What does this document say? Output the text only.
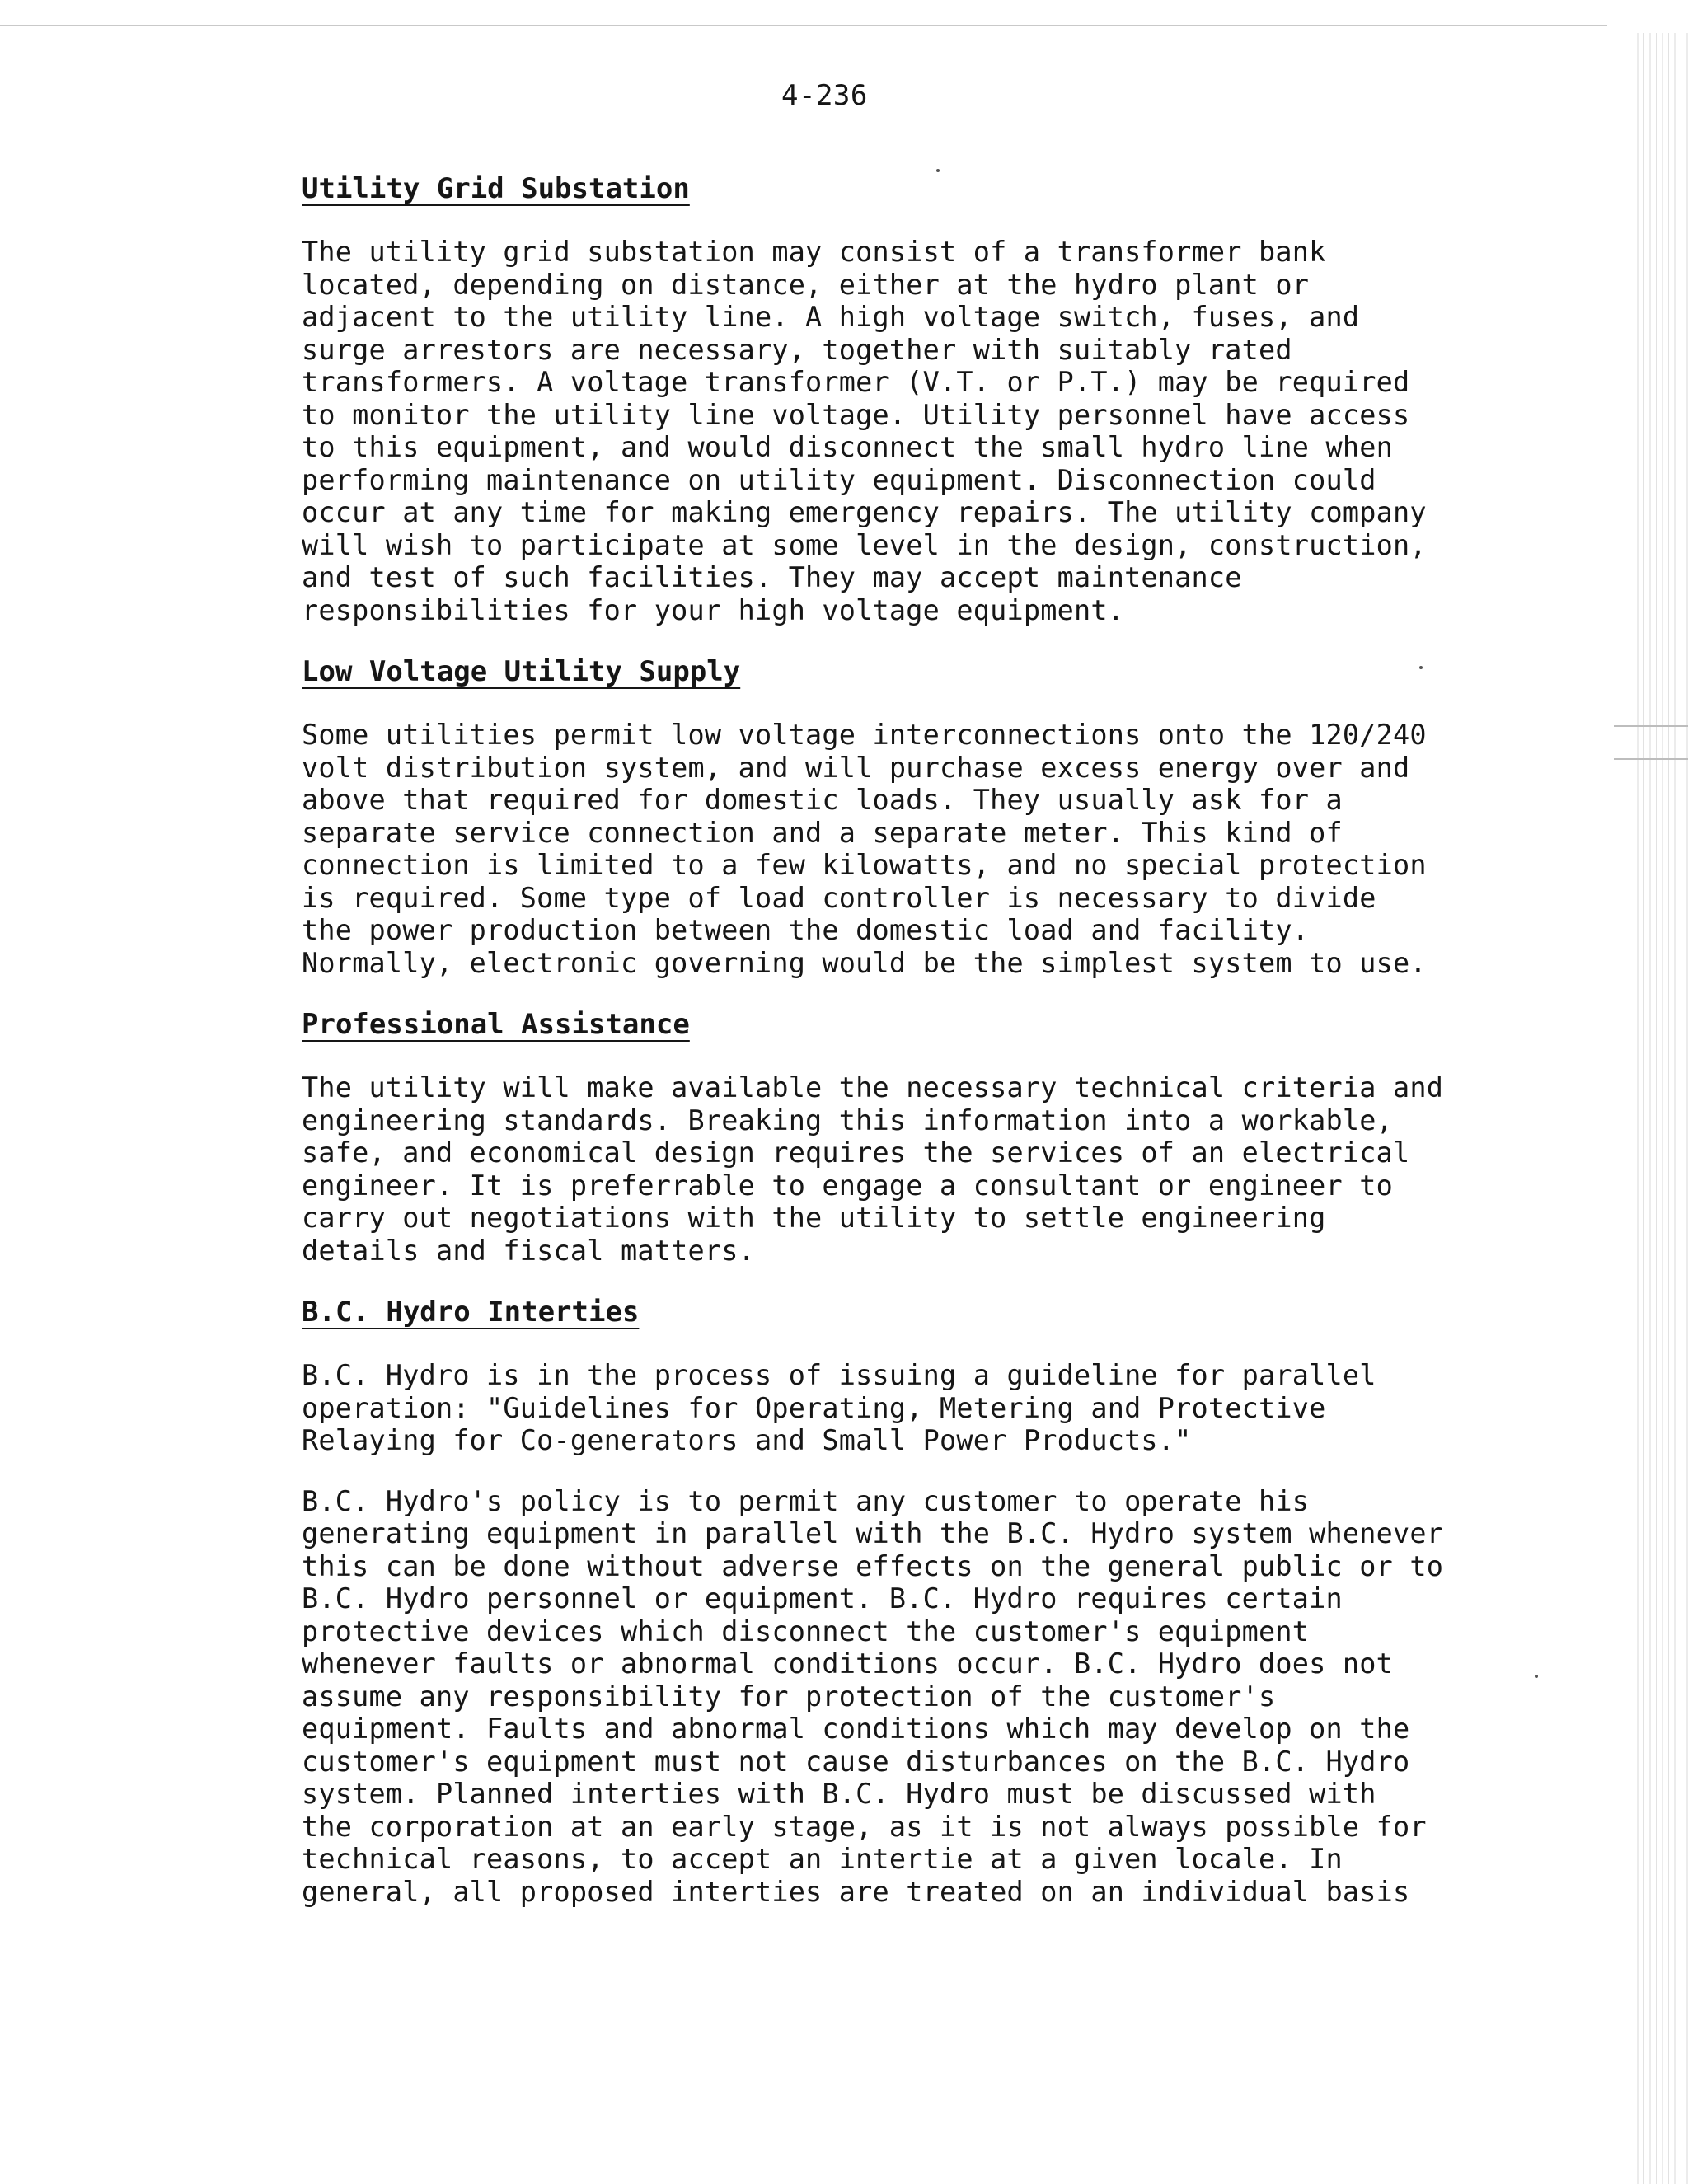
4-236
Utility Grid Substation

The utility grid substation may consist of a transformer bank
located, depending on distance, either at the hydro plant or
adjacent to the utility line. A high voltage switch, fuses, and
surge arrestors are necessary, together with suitably rated
transformers. A voltage transformer (V.T. or P.T.) may be required
to monitor the utility line voltage. Utility personnel have access
to this equipment, and would disconnect the small hydro line when
performing maintenance on utility equipment. Disconnection could
occur at any time for making emergency repairs. The utility company
will wish to participate at some level in the design, construction,
and test of such facilities. They may accept maintenance
responsibilities for your high voltage equipment.

Low Voltage Utility Supply

Some utilities permit low voltage interconnections onto the 120/240
volt distribution system, and will purchase excess energy over and
above that required for domestic loads. They usually ask for a
separate service connection and a separate meter. This kind of
connection is limited to a few kilowatts, and no special protection
is required. Some type of load controller is necessary to divide
the power production between the domestic load and facility.
Normally, electronic governing would be the simplest system to use.

Professional Assistance

The utility will make available the necessary technical criteria and
engineering standards. Breaking this information into a workable,
safe, and economical design requires the services of an electrical
engineer. It is preferrable to engage a consultant or engineer to
carry out negotiations with the utility to settle engineering
details and fiscal matters.

B.C. Hydro Interties

B.C. Hydro is in the process of issuing a guideline for parallel
operation: "Guidelines for Operating, Metering and Protective
Relaying for Co-generators and Small Power Products."

B.C. Hydro's policy is to permit any customer to operate his
generating equipment in parallel with the B.C. Hydro system whenever
this can be done without adverse effects on the general public or to
B.C. Hydro personnel or equipment. B.C. Hydro requires certain
protective devices which disconnect the customer's equipment
whenever faults or abnormal conditions occur. B.C. Hydro does not
assume any responsibility for protection of the customer's
equipment. Faults and abnormal conditions which may develop on the
customer's equipment must not cause disturbances on the B.C. Hydro
system. Planned interties with B.C. Hydro must be discussed with
the corporation at an early stage, as it is not always possible for
technical reasons, to accept an intertie at a given locale. In
general, all proposed interties are treated on an individual basis
